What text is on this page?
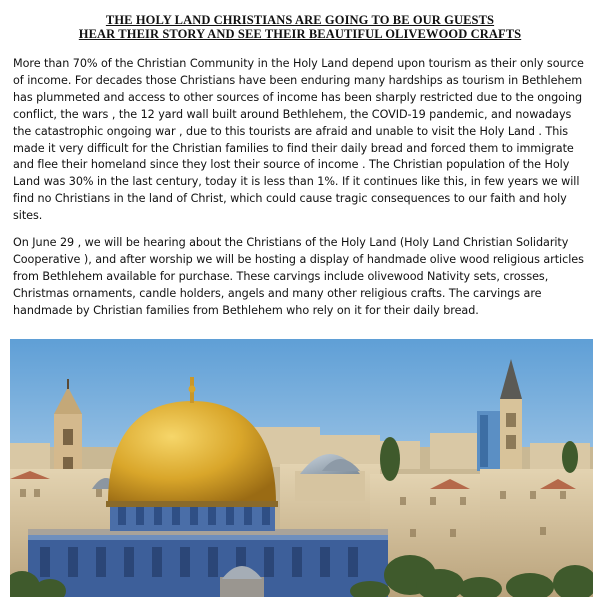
THE HOLY LAND CHRISTIANS ARE GOING TO BE OUR GUESTS
HEAR THEIR STORY AND SEE THEIR BEAUTIFUL OLIVEWOOD CRAFTS

More than 70% of the Christian Community in the Holy Land depend upon tourism as their only source of income. For decades those Christians have been enduring many hardships as tourism in Bethlehem has plummeted and access to other sources of income has been sharply restricted due to the ongoing conflict, the wars , the 12 yard wall built around Bethlehem, the COVID-19 pandemic, and nowadays the catastrophic ongoing war , due to this tourists are afraid and unable to visit the Holy Land . This made it very difficult for the Christian families to find their daily bread and forced them to immigrate and flee their homeland since they lost their source of income . The Christian population of the Holy Land was 30% in the last century, today it is less than 1%. If it continues like this, in few years we will find no Christians in the land of Christ, which could cause tragic consequences to our faith and holy sites.

On June 29 , we will be hearing about the Christians of the Holy Land (Holy Land Christian Solidarity Cooperative ), and after worship we will be hosting a display of handmade olive wood religious articles from Bethlehem available for purchase. These carvings include olivewood Nativity sets, crosses, Christmas ornaments, candle holders, angels and many other religious crafts. The carvings are handmade by Christian families from Bethlehem who rely on it for their daily bread.
